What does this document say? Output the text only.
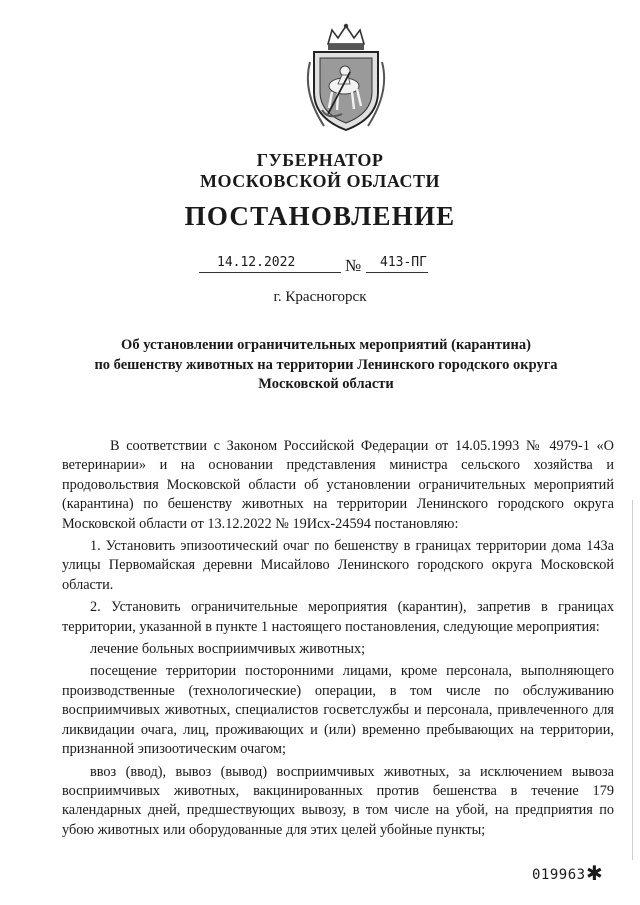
ГУБЕРНАТОР
МОСКОВСКОЙ ОБЛАСТИ
ПОСТАНОВЛЕНИЕ
14.12.2022	№	413-ПГ
г. Красногорск
Об установлении ограничительных мероприятий (карантина)
по бешенству животных на территории Ленинского городского округа
Московской области

В соответствии с Законом Российской Федерации от 14.05.1993 № 4979-1 «О ветеринарии» и на основании представления министра сельского хозяйства и продовольствия Московской области об установлении ограничительных мероприятий (карантина) по бешенству животных на территории Ленинского городского округа Московской области от 13.12.2022 № 19Исх-24594 постановляю:

1. Установить эпизоотический очаг по бешенству в границах территории дома 143а улицы Первомайская деревни Мисайлово Ленинского городского округа Московской области.

2. Установить ограничительные мероприятия (карантин), запретив в границах территории, указанной в пункте 1 настоящего постановления, следующие мероприятия:

лечение больных восприимчивых животных;

посещение территории посторонними лицами, кроме персонала, выполняющего производственные (технологические) операции, в том числе по обслуживанию восприимчивых животных, специалистов госветслужбы и персонала, привлеченного для ликвидации очага, лиц, проживающих и (или) временно пребывающих на территории, признанной эпизоотическим очагом;

ввоз (ввод), вывоз (вывод) восприимчивых животных, за исключением вывоза восприимчивых животных, вакцинированных против бешенства в течение 179 календарных дней, предшествующих вывозу, в том числе на убой, на предприятия по убою животных или оборудованные для этих целей убойные пункты;

019963 ✱
